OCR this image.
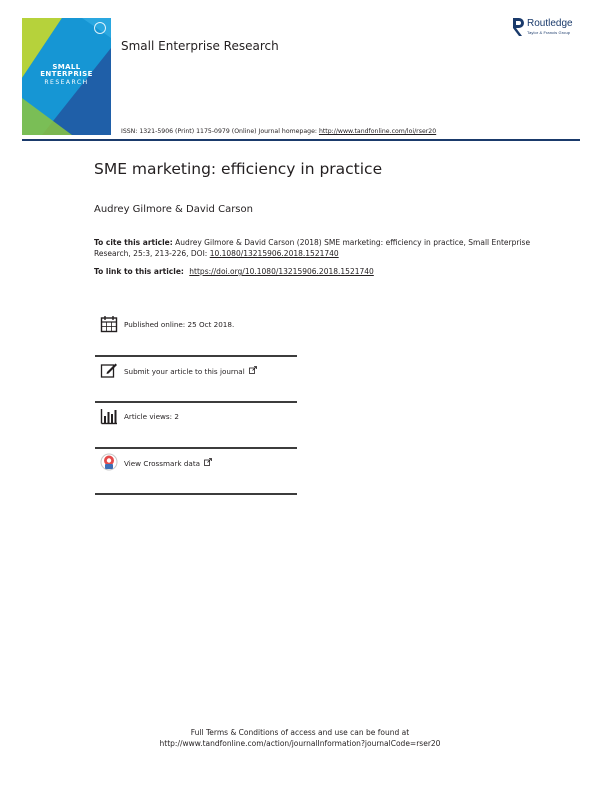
SMALL
ENTERPRISE
RESEARCH
Small Enterprise Research
Routledge
Taylor & Francis Group
ISSN: 1321-5906 (Print) 1175-0979 (Online) Journal homepage: http://www.tandfonline.com/loi/rser20
SME marketing: efficiency in practice
Audrey Gilmore & David Carson
To cite this article: Audrey Gilmore & David Carson (2018) SME marketing: efficiency in practice, Small Enterprise Research, 25:3, 213-226, DOI: 10.1080/13215906.2018.1521740
To link to this article: https://doi.org/10.1080/13215906.2018.1521740
Published online: 25 Oct 2018.
Submit your article to this journal
Article views: 2
View Crossmark data
Full Terms & Conditions of access and use can be found at
http://www.tandfonline.com/action/journalInformation?journalCode=rser20
